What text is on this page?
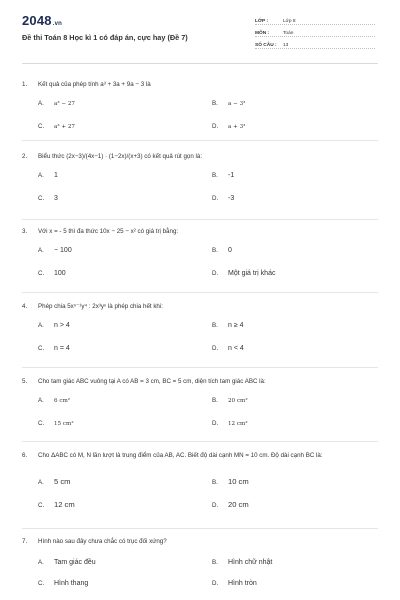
2048.vn
Đề thi Toán 8 Học kì 1 có đáp án, cực hay (Đề 7)
LỚP :	Lớp 8
MÔN :	Toán
SỐ CÂU :	13
1.	Kết quả của phép tính a³ + 3a + 9a − 3 là
A.	a³ − 27	B.	a − 3³
C.	a³ + 27	D.	a + 3³
2.	Biểu thức (2x−3)/(4x−1) · (1−2x)/(x+3) có kết quả rút gọn là:
A.	1	B.	-1
C.	3	D.	-3
3.	Với x = - 5 thì đa thức 10x − 25 − x² có giá trị bằng:
A.	− 100	B.	0
C.	100	D.	Một giá trị khác
4.	Phép chia 5xⁿ⁻¹y⁴ : 2x³yⁿ là phép chia hết khi:
A.	n > 4	B.	n ≥ 4
C.	n = 4	D.	n < 4
5.	Cho tam giác ABC vuông tại A có AB = 3 cm, BC = 5 cm, diện tích tam giác ABC là:
A.	6 cm²	B.	20 cm²
C.	15 cm²	D.	12 cm²
6.	Cho ΔABC có M, N lần lượt là trung điểm của AB, AC. Biết độ dài cạnh MN = 10 cm. Độ dài cạnh BC là:
A.	5 cm	B.	10 cm
C.	12 cm	D.	20 cm
7.	Hình nào sau đây chưa chắc có trục đối xứng?
A.	Tam giác đều	B.	Hình chữ nhật
C.	Hình thang	D.	Hình tròn
